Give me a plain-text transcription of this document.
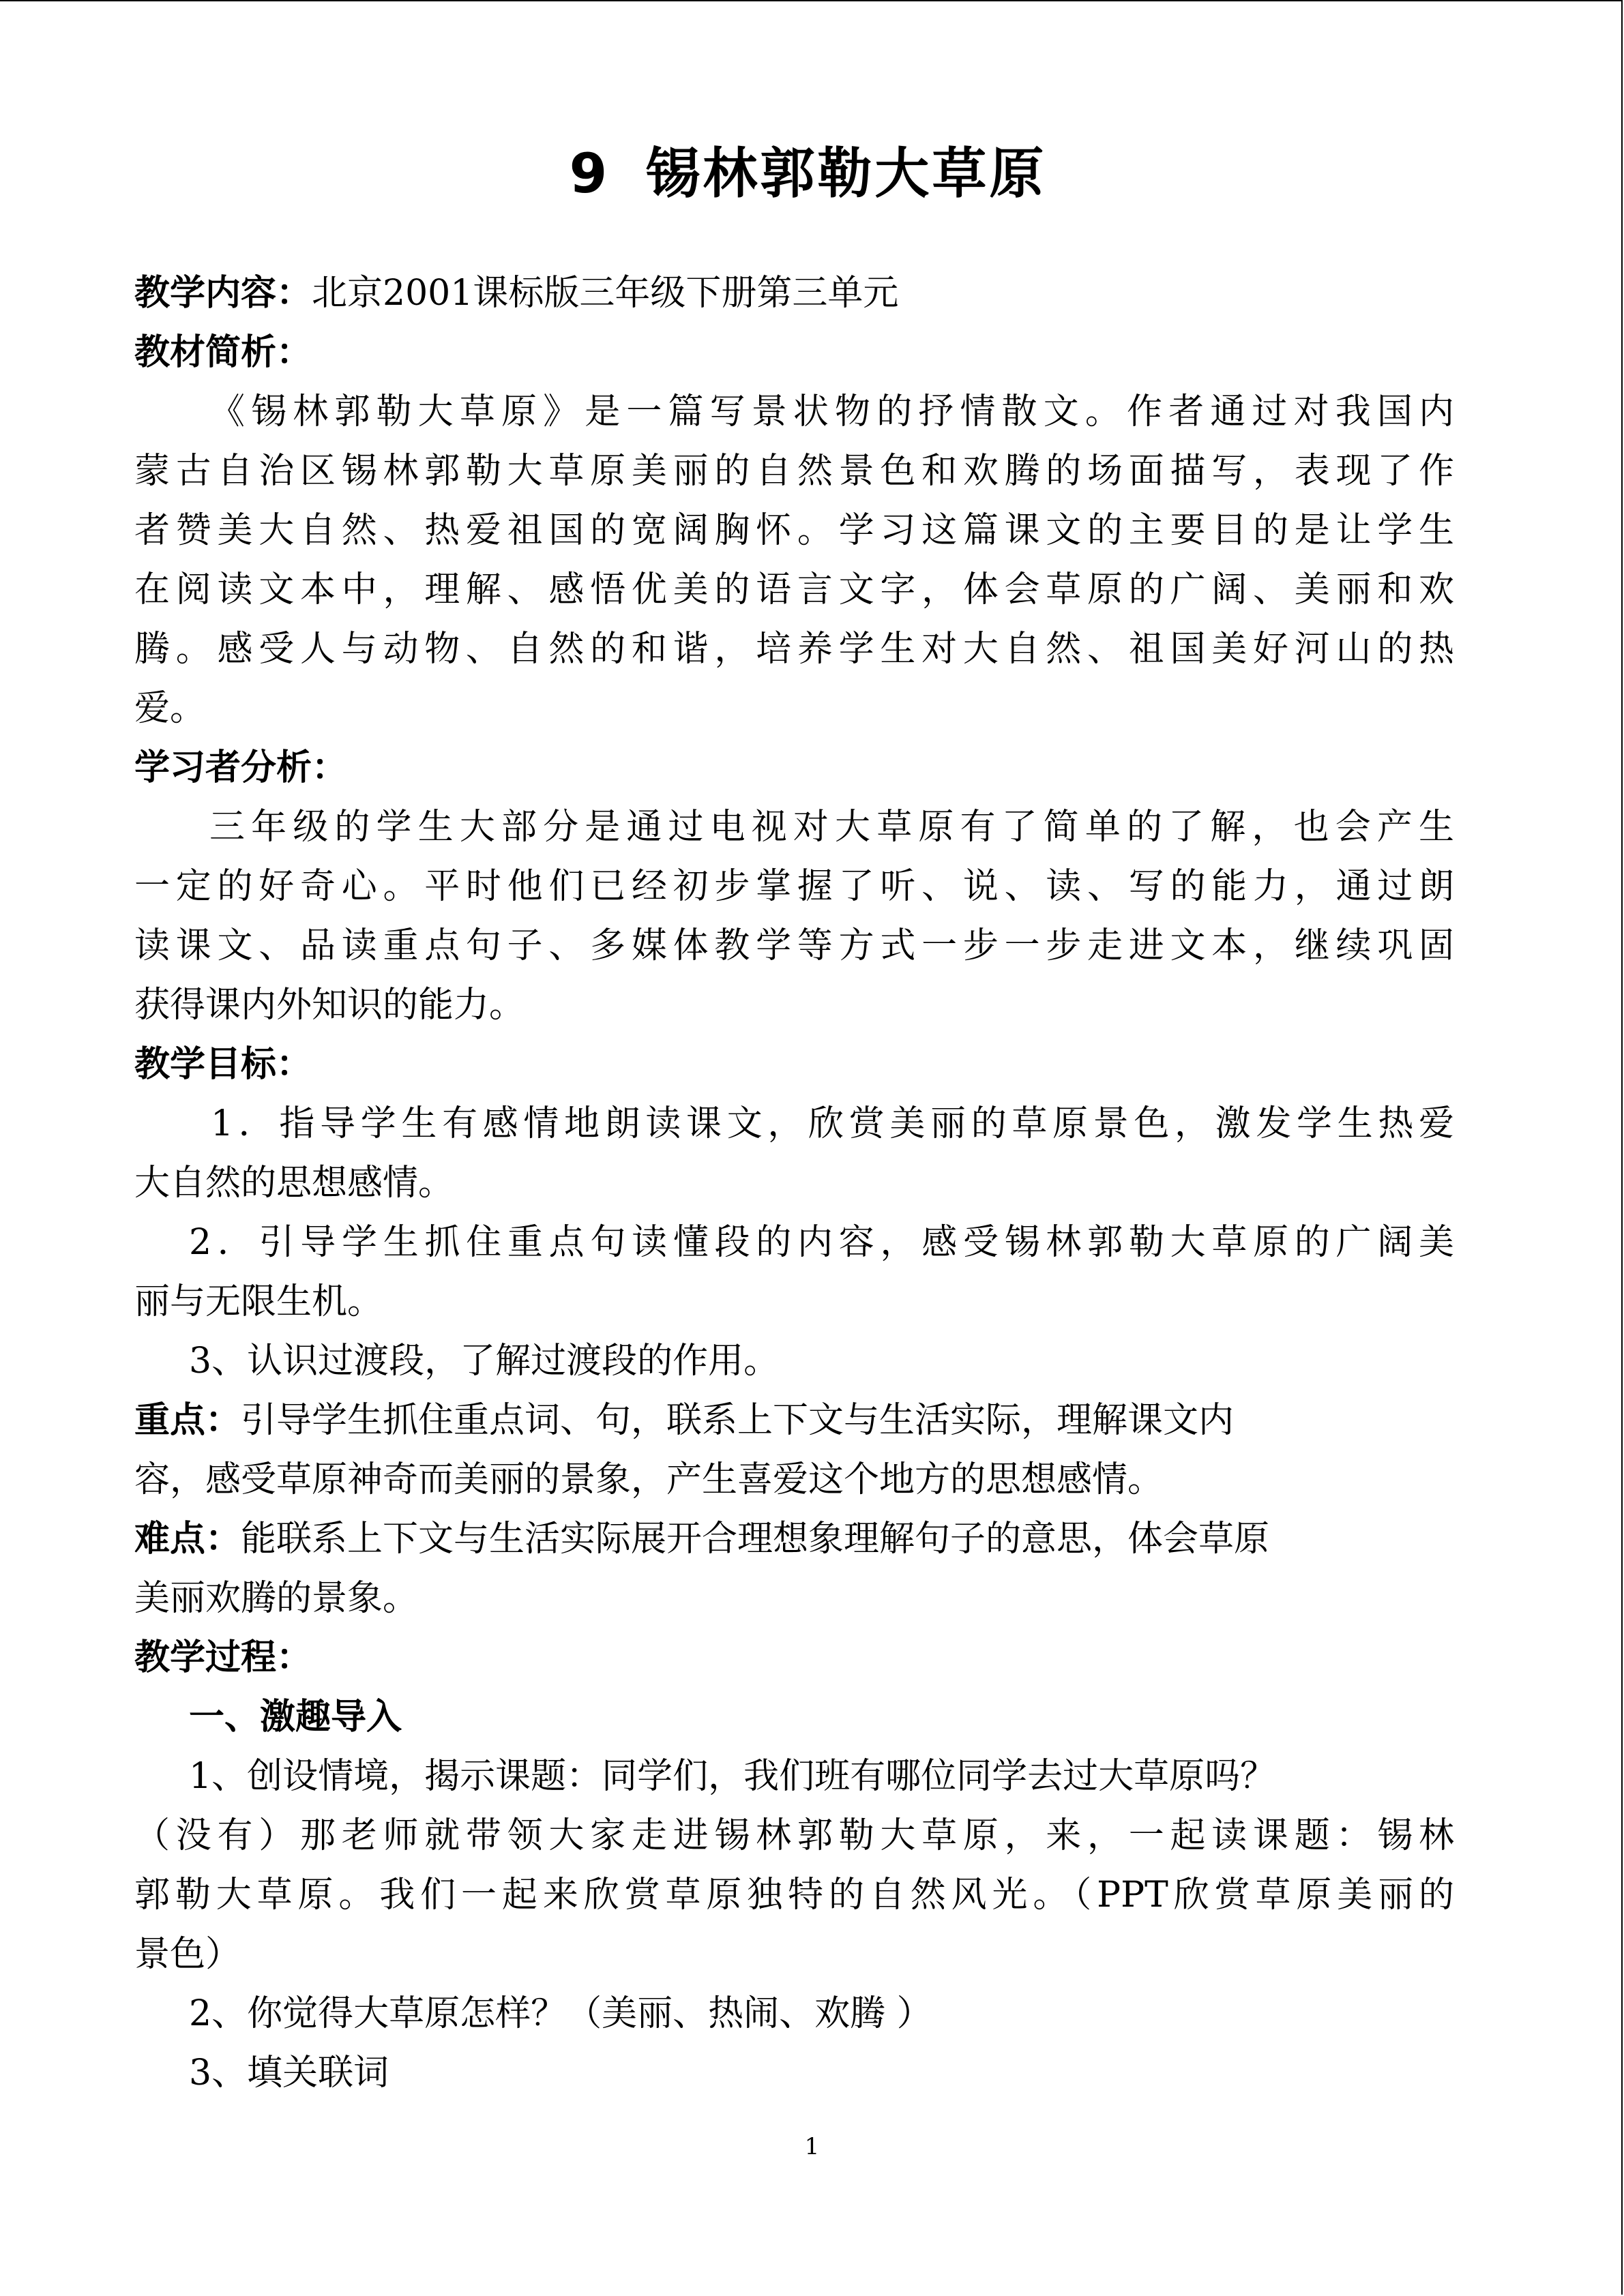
9 锡林郭勒大草原
教学内容：北京2001课标版三年级下册第三单元
教材简析：
《锡林郭勒大草原》是一篇写景状物的抒情散文。作者通过对我国内
蒙古自治区锡林郭勒大草原美丽的自然景色和欢腾的场面描写，表现了作
者赞美大自然、热爱祖国的宽阔胸怀。学习这篇课文的主要目的是让学生
在阅读文本中，理解、感悟优美的语言文字，体会草原的广阔、美丽和欢
腾。感受人与动物、自然的和谐，培养学生对大自然、祖国美好河山的热
爱。
学习者分析：
三年级的学生大部分是通过电视对大草原有了简单的了解，也会产生
一定的好奇心。平时他们已经初步掌握了听、说、读、写的能力，通过朗
读课文、品读重点句子、多媒体教学等方式一步一步走进文本，继续巩固
获得课内外知识的能力。
教学目标：
1．指导学生有感情地朗读课文，欣赏美丽的草原景色，激发学生热爱
大自然的思想感情。
2．引导学生抓住重点句读懂段的内容，感受锡林郭勒大草原的广阔美
丽与无限生机。
3、认识过渡段，了解过渡段的作用。
重点：引导学生抓住重点词、句，联系上下文与生活实际，理解课文内
容，感受草原神奇而美丽的景象，产生喜爱这个地方的思想感情。
难点：能联系上下文与生活实际展开合理想象理解句子的意思，体会草原
美丽欢腾的景象。
教学过程：
一、激趣导入
1、创设情境，揭示课题：同学们，我们班有哪位同学去过大草原吗？
（没有）那老师就带领大家走进锡林郭勒大草原，来，一起读课题：锡林
郭勒大草原。我们一起来欣赏草原独特的自然风光。（PPT欣赏草原美丽的
景色）
2、你觉得大草原怎样？（美丽、热闹、欢腾 ）
3、填关联词
1
